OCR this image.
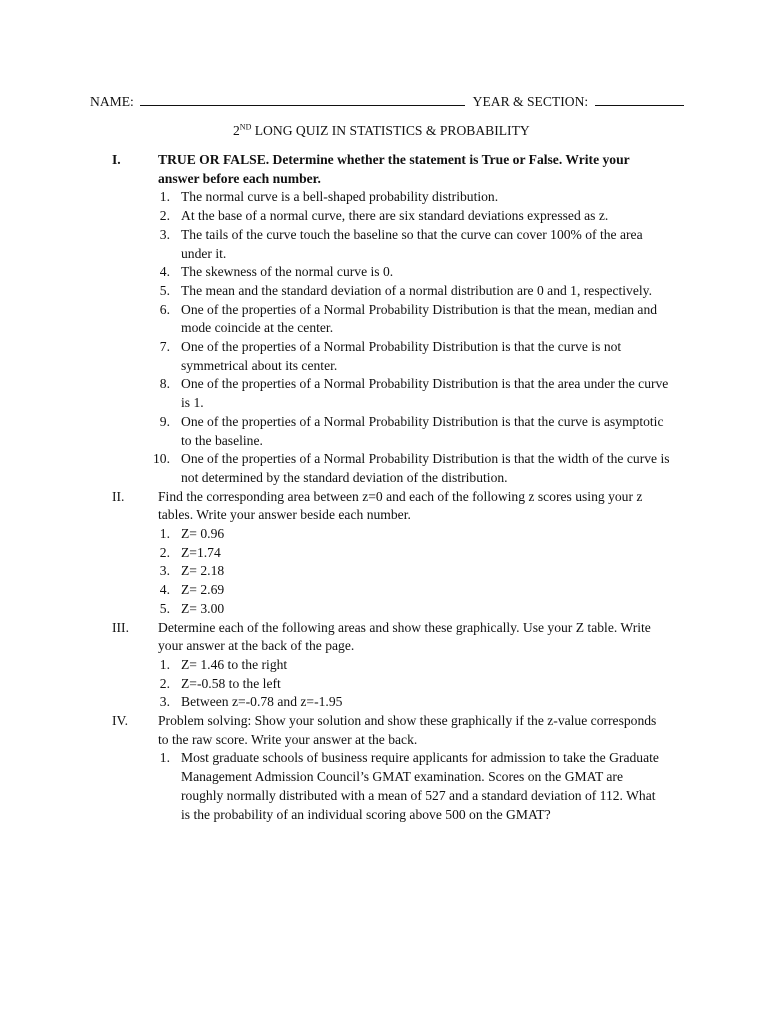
NAME:	YEAR & SECTION:
2ND LONG QUIZ IN STATISTICS & PROBABILITY
I.	TRUE OR FALSE. Determine whether the statement is True or False. Write your
answer before each number.
1. The normal curve is a bell-shaped probability distribution.
2. At the base of a normal curve, there are six standard deviations expressed as z.
3. The tails of the curve touch the baseline so that the curve can cover 100% of the area
under it.
4. The skewness of the normal curve is 0.
5. The mean and the standard deviation of a normal distribution are 0 and 1, respectively.
6. One of the properties of a Normal Probability Distribution is that the mean, median and
mode coincide at the center.
7. One of the properties of a Normal Probability Distribution is that the curve is not
symmetrical about its center.
8. One of the properties of a Normal Probability Distribution is that the area under the curve
is 1.
9. One of the properties of a Normal Probability Distribution is that the curve is asymptotic
to the baseline.
10. One of the properties of a Normal Probability Distribution is that the width of the curve is
not determined by the standard deviation of the distribution.
II. Find the corresponding area between z=0 and each of the following z scores using your z
tables. Write your answer beside each number.
1. Z= 0.96
2. Z=1.74
3. Z= 2.18
4. Z= 2.69
5. Z= 3.00
III. Determine each of the following areas and show these graphically. Use your Z table. Write
your answer at the back of the page.
1. Z= 1.46 to the right
2. Z=-0.58 to the left
3. Between z=-0.78 and z=-1.95
IV. Problem solving: Show your solution and show these graphically if the z-value corresponds
to the raw score. Write your answer at the back.
1. Most graduate schools of business require applicants for admission to take the Graduate
Management Admission Council’s GMAT examination. Scores on the GMAT are
roughly normally distributed with a mean of 527 and a standard deviation of 112. What
is the probability of an individual scoring above 500 on the GMAT?
